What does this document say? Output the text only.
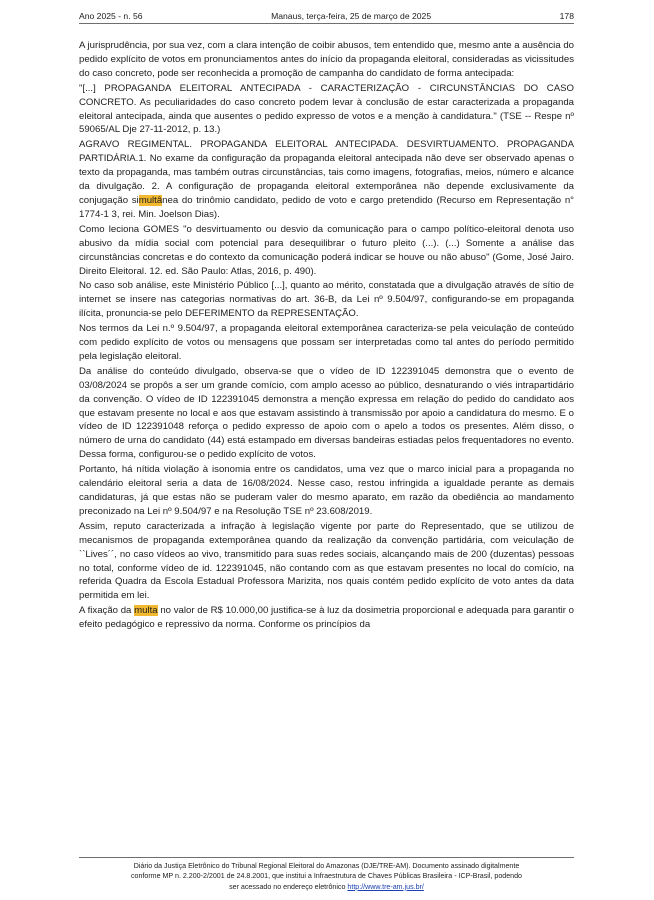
Ano 2025 - n. 56	Manaus, terça-feira, 25 de março de 2025	178

A jurisprudência, por sua vez, com a clara intenção de coibir abusos, tem entendido que, mesmo ante a ausência do pedido explícito de votos em pronunciamentos antes do início da propaganda eleitoral, consideradas as vicissitudes do caso concreto, pode ser reconhecida a promoção de campanha do candidato de forma antecipada:

"[...] PROPAGANDA ELEITORAL ANTECIPADA - CARACTERIZAÇÃO - CIRCUNSTÂNCIAS DO CASO CONCRETO. As peculiaridades do caso concreto podem levar à conclusão de estar caracterizada a propaganda eleitoral antecipada, ainda que ausentes o pedido expresso de votos e a menção à candidatura." (TSE -- Respe nº 59065/AL Dje 27-11-2012, p. 13.)

AGRAVO REGIMENTAL. PROPAGANDA ELEITORAL ANTECIPADA. DESVIRTUAMENTO. PROPAGANDA PARTIDÁRIA.1. No exame da configuração da propaganda eleitoral antecipada não deve ser observado apenas o texto da propaganda, mas também outras circunstâncias, tais como imagens, fotografias, meios, número e alcance da divulgação. 2. A configuração de propaganda eleitoral extemporânea não depende exclusivamente da conjugação simultânea do trinômio candidato, pedido de voto e cargo pretendido (Recurso em Representação n° 1774-1 3, rei. Min. Joelson Dias).

Como leciona GOMES "o desvirtuamento ou desvio da comunicação para o campo político-eleitoral denota uso abusivo da mídia social com potencial para desequilibrar o futuro pleito (...). (...) Somente a análise das circunstâncias concretas e do contexto da comunicação poderá indicar se houve ou não abuso" (Gome, José Jairo. Direito Eleitoral. 12. ed. São Paulo: Atlas, 2016, p. 490).

No caso sob análise, este Ministério Público [...], quanto ao mérito, constatada que a divulgação através de sítio de internet se insere nas categorias normativas do art. 36-B, da Lei nº 9.504/97, configurando-se em propaganda ilícita, pronuncia-se pelo DEFERIMENTO da REPRESENTAÇÃO.

Nos termos da Lei n.º 9.504/97, a propaganda eleitoral extemporânea caracteriza-se pela veiculação de conteúdo com pedido explícito de votos ou mensagens que possam ser interpretadas como tal antes do período permitido pela legislação eleitoral.

Da análise do conteúdo divulgado, observa-se que o vídeo de ID 122391045 demonstra que o evento de 03/08/2024 se propôs a ser um grande comício, com amplo acesso ao público, desnaturando o viés intrapartidário da convenção. O vídeo de ID 122391045 demonstra a menção expressa em relação do pedido do candidato aos que estavam presente no local e aos que estavam assistindo à transmissão por apoio a candidatura do mesmo. E o vídeo de ID 122391048 reforça o pedido expresso de apoio com o apelo a todos os presentes. Além disso, o número de urna do candidato (44) está estampado em diversas bandeiras estiadas pelos frequentadores no evento. Dessa forma, configurou-se o pedido explícito de votos.

Portanto, há nítida violação à isonomia entre os candidatos, uma vez que o marco inicial para a propaganda no calendário eleitoral seria a data de 16/08/2024. Nesse caso, restou infringida a igualdade perante as demais candidaturas, já que estas não se puderam valer do mesmo aparato, em razão da obediência ao mandamento preconizado na Lei nº 9.504/97 e na Resolução TSE nº 23.608/2019.

Assim, reputo caracterizada a infração à legislação vigente por parte do Representado, que se utilizou de mecanismos de propaganda extemporânea quando da realização da convenção partidária, com veiculação de ``Lives´´, no caso vídeos ao vivo, transmitido para suas redes sociais, alcançando mais de 200 (duzentas) pessoas no total, conforme vídeo de id. 122391045, não contando com as que estavam presentes no local do comício, na referida Quadra da Escola Estadual Professora Marizita, nos quais contém pedido explícito de voto antes da data permitida em lei.

A fixação da multa no valor de R$ 10.000,00 justifica-se à luz da dosimetria proporcional e adequada para garantir o efeito pedagógico e repressivo da norma. Conforme os princípios da

Diário da Justiça Eletrônico do Tribunal Regional Eleitoral do Amazonas (DJE/TRE-AM). Documento assinado digitalmente

conforme MP n. 2.200-2/2001 de 24.8.2001, que institui a Infraestrutura de Chaves Públicas Brasileira - ICP-Brasil, podendo

ser acessado no endereço eletrônico http://www.tre-am.jus.br/
